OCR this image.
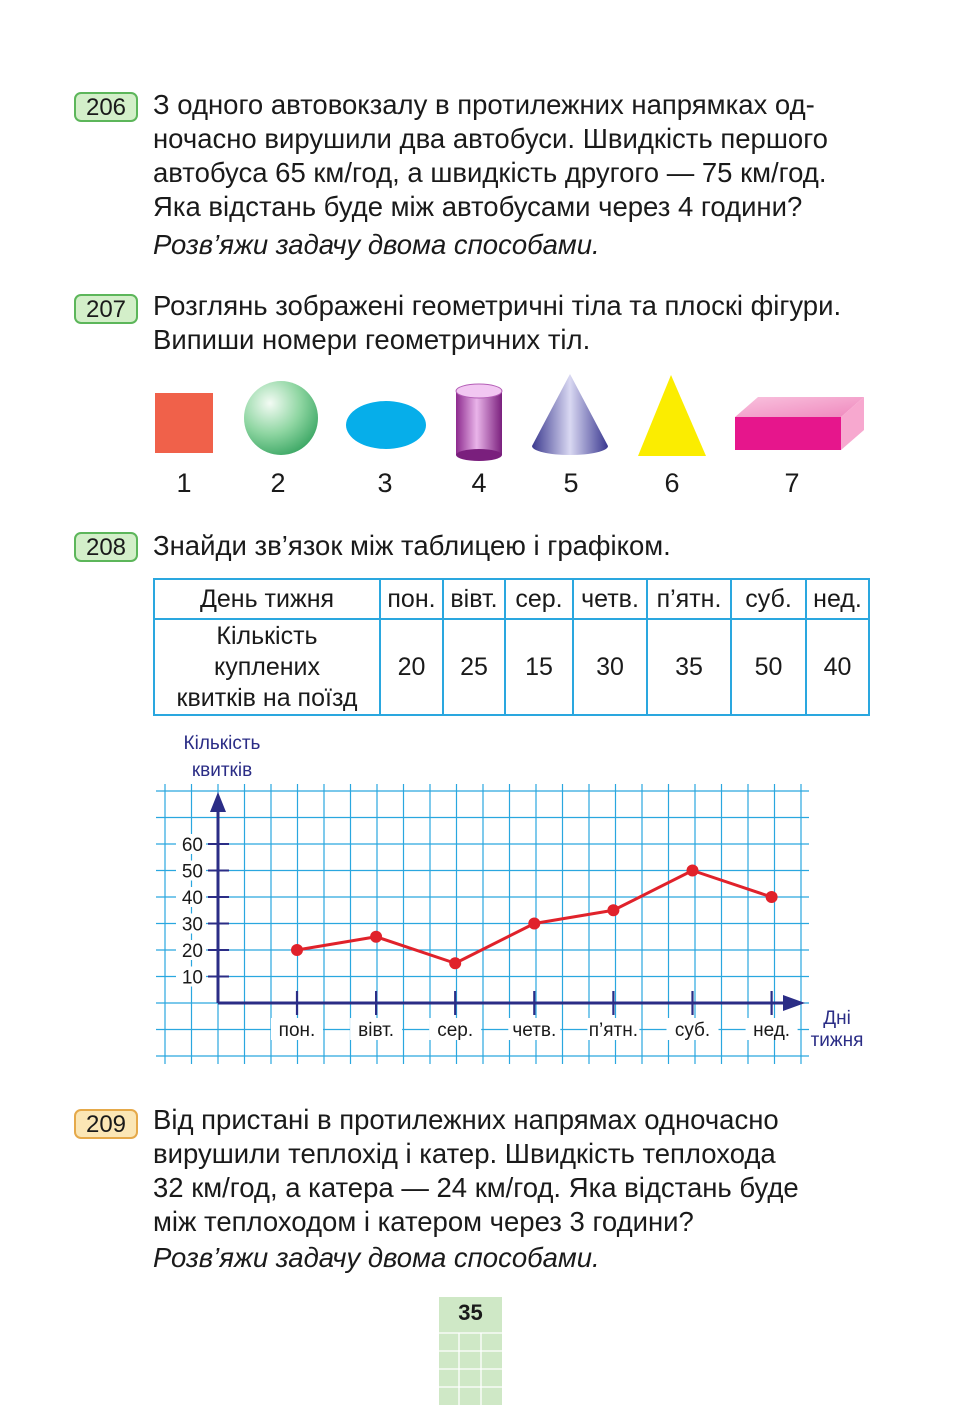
206 З одного автовокзалу в протилежних напрямках од-
ночасно вирушили два автобуси. Швидкість першого
автобуса 65 км/год, а швидкість другого — 75 км/год.
Яка відстань буде між автобусами через 4 години?
Розв’яжи задачу двома способами.
207 Розглянь зображені геометричні тіла та плоскі фігури.
Випиши номери геометричних тіл.
1	2	3	4	5	6	7
208 Знайди зв’язок між таблицею і графіком.
День тижня	пон.	вівт.	сер.	четв.	п’ятн.	суб.	нед.

Кількість
куплених
квитків на поїзд	20	25	15	30	35	50	40
10
20
30
40
50
60
пон. вівт. сер. четв. п’ятн. суб. нед.
Кількість
квитків
Дні
тижня
209 Від пристані в протилежних напрямах одночасно
вирушили теплохід і катер. Швидкість теплохода
32 км/год, а катера — 24 км/год. Яка відстань буде
між теплоходом і катером через 3 години?
Розв’яжи задачу двома способами.
35
